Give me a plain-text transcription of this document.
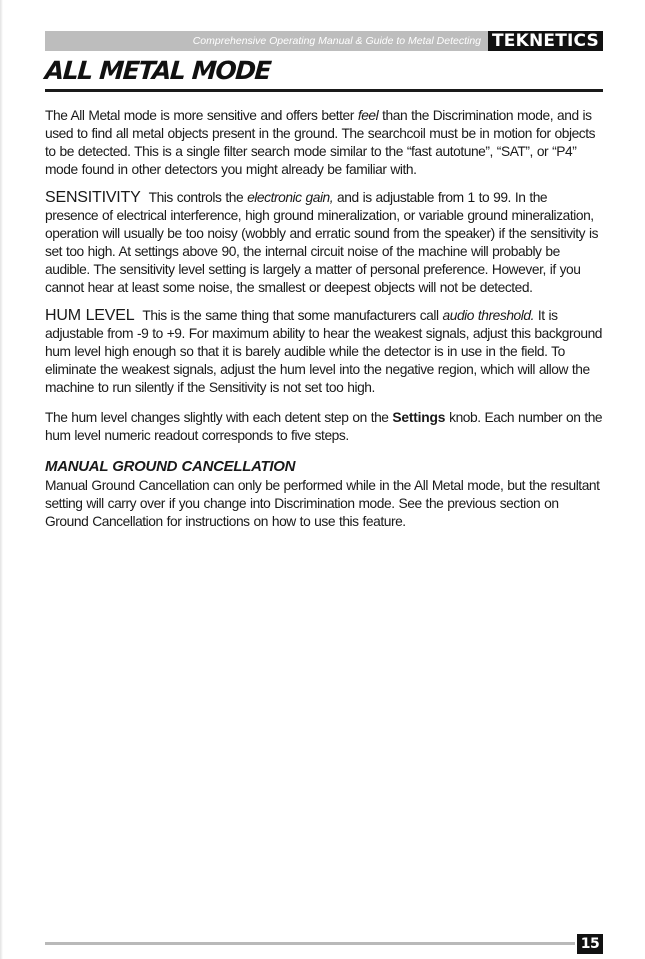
Comprehensive Operating Manual & Guide to Metal Detecting TEKNETICS
ALL METAL MODE

The All Metal mode is more sensitive and offers better feel than the Discrimination mode, and is used to find all metal objects present in the ground. The searchcoil must be in motion for objects to be detected. This is a single filter search mode similar to the “fast autotune”, “SAT”, or “P4” mode found in other detectors you might already be familiar with.

SENSITIVITY This controls the electronic gain, and is adjustable from 1 to 99. In the presence of electrical interference, high ground mineralization, or variable ground mineralization, operation will usually be too noisy (wobbly and erratic sound from the speaker) if the sensitivity is set too high. At settings above 90, the internal circuit noise of the machine will probably be audible. The sensitivity level setting is largely a matter of personal preference. However, if you cannot hear at least some noise, the smallest or deepest objects will not be detected.

HUM LEVEL This is the same thing that some manufacturers call audio threshold. It is adjustable from -9 to +9. For maximum ability to hear the weakest signals, adjust this background hum level high enough so that it is barely audible while the detector is in use in the field. To eliminate the weakest signals, adjust the hum level into the negative region, which will allow the machine to run silently if the Sensitivity is not set too high.

The hum level changes slightly with each detent step on the Settings knob. Each number on the hum level numeric readout corresponds to five steps.

MANUAL GROUND CANCELLATION

Manual Ground Cancellation can only be performed while in the All Metal mode, but the resultant setting will carry over if you change into Discrimination mode. See the previous section on Ground Cancellation for instructions on how to use this feature.

15
